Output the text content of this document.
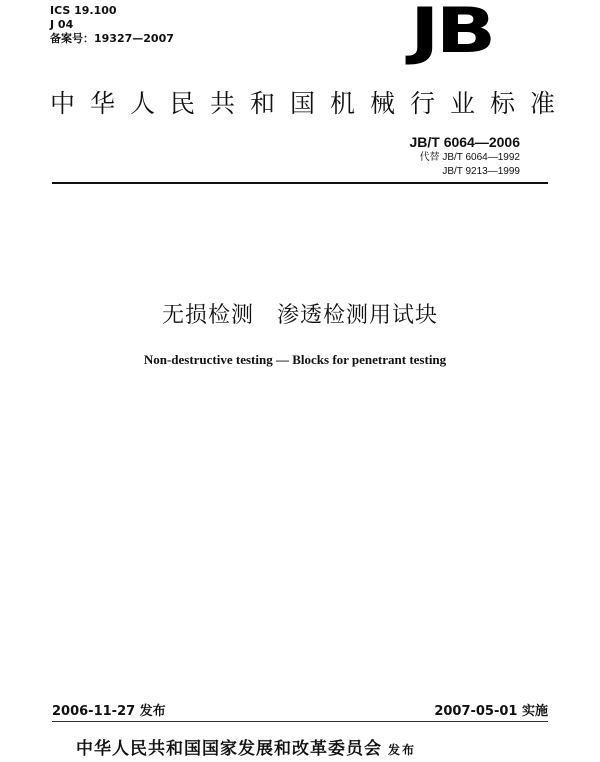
ICS 19.100
J 04
备案号：19327—2007	JB
中华人民共和国机械行业标准
JB/T 6064—2006
代替 JB/T 6064—1992
JB/T 9213—1999
无损检测　渗透检测用试块
Non-destructive testing — Blocks for penetrant testing
2006-11-27 发布	2007-05-01 实施
中华人民共和国国家发展和改革委员会 发布
